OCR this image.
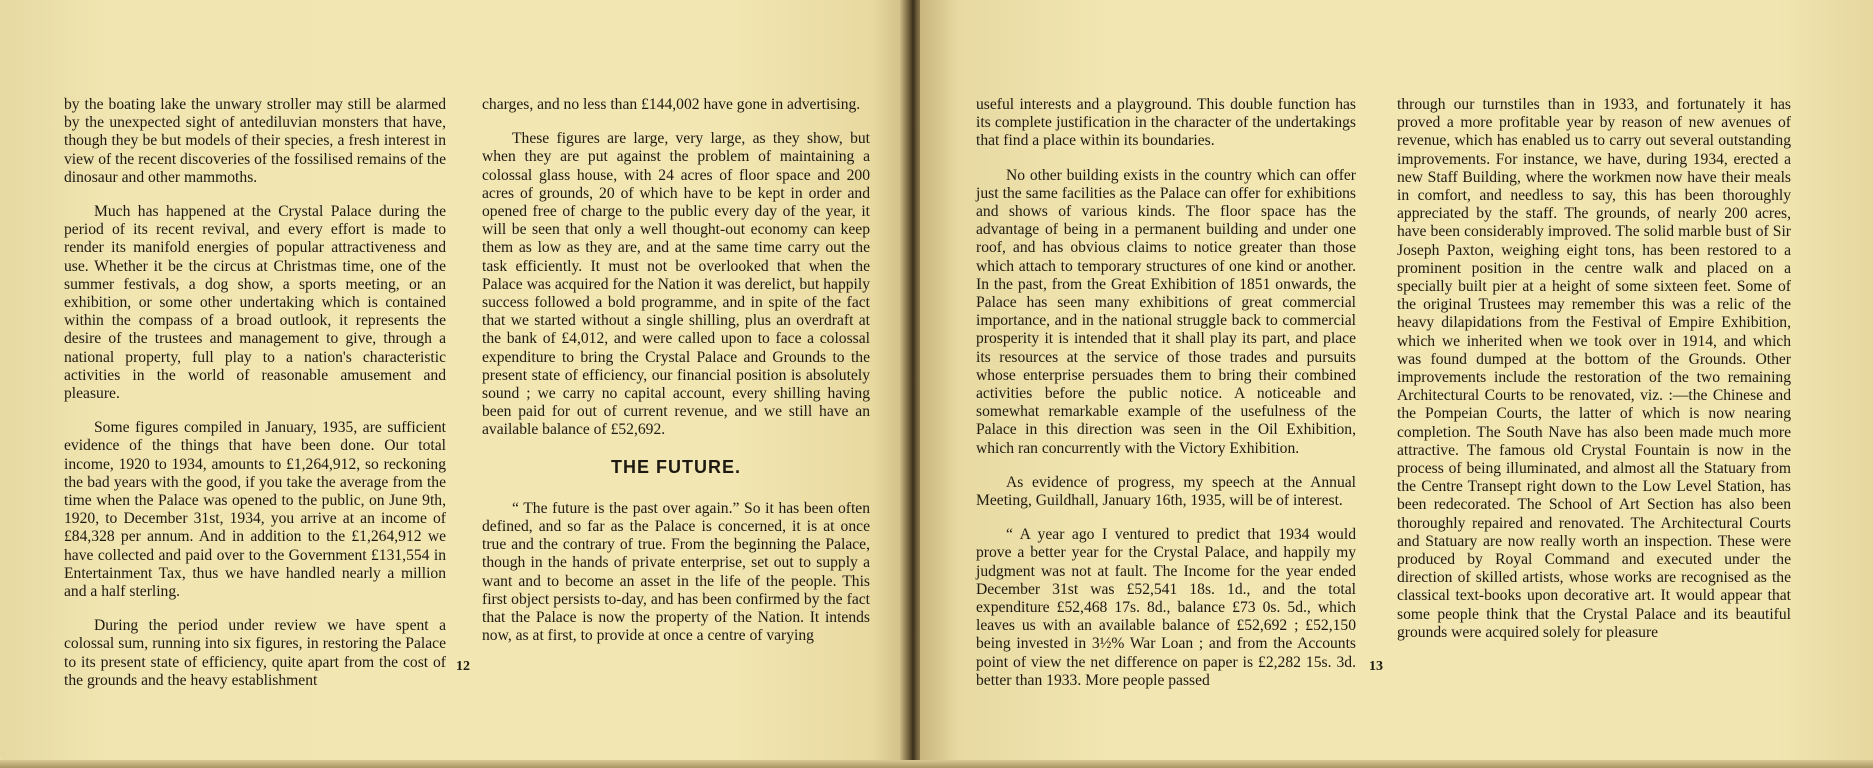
by the boating lake the unwary stroller may still be alarmed by the unexpected sight of antediluvian monsters that have, though they be but models of their species, a fresh interest in view of the recent discoveries of the fossilised remains of the dinosaur and other mammoths.

Much has happened at the Crystal Palace during the period of its recent revival, and every effort is made to render its manifold energies of popular attractiveness and use. Whether it be the circus at Christmas time, one of the summer festivals, a dog show, a sports meeting, or an exhibition, or some other undertaking which is contained within the compass of a broad outlook, it represents the desire of the trustees and management to give, through a national property, full play to a nation's characteristic activities in the world of reasonable amusement and pleasure.

Some figures compiled in January, 1935, are sufficient evidence of the things that have been done. Our total income, 1920 to 1934, amounts to £1,264,912, so reckoning the bad years with the good, if you take the average from the time when the Palace was opened to the public, on June 9th, 1920, to December 31st, 1934, you arrive at an income of £84,328 per annum. And in addition to the £1,264,912 we have collected and paid over to the Government £131,554 in Entertainment Tax, thus we have handled nearly a million and a half sterling.

During the period under review we have spent a colossal sum, running into six figures, in restoring the Palace to its present state of efficiency, quite apart from the cost of the grounds and the heavy establishment

charges, and no less than £144,002 have gone in advertising.

These figures are large, very large, as they show, but when they are put against the problem of maintaining a colossal glass house, with 24 acres of floor space and 200 acres of grounds, 20 of which have to be kept in order and opened free of charge to the public every day of the year, it will be seen that only a well thought-out economy can keep them as low as they are, and at the same time carry out the task efficiently. It must not be overlooked that when the Palace was acquired for the Nation it was derelict, but happily success followed a bold programme, and in spite of the fact that we started without a single shilling, plus an overdraft at the bank of £4,012, and were called upon to face a colossal expenditure to bring the Crystal Palace and Grounds to the present state of efficiency, our financial position is absolutely sound ; we carry no capital account, every shilling having been paid for out of current revenue, and we still have an available balance of £52,692.

THE FUTURE.

“ The future is the past over again.” So it has been often defined, and so far as the Palace is concerned, it is at once true and the contrary of true. From the beginning the Palace, though in the hands of private enterprise, set out to supply a want and to become an asset in the life of the people. This first object persists to-day, and has been confirmed by the fact that the Palace is now the property of the Nation. It intends now, as at first, to provide at once a centre of varying

12

useful interests and a playground. This double function has its complete justification in the character of the undertakings that find a place within its boundaries.

No other building exists in the country which can offer just the same facilities as the Palace can offer for exhibitions and shows of various kinds. The floor space has the advantage of being in a permanent building and under one roof, and has obvious claims to notice greater than those which attach to temporary structures of one kind or another. In the past, from the Great Exhibition of 1851 onwards, the Palace has seen many exhibitions of great commercial importance, and in the national struggle back to commercial prosperity it is intended that it shall play its part, and place its resources at the service of those trades and pursuits whose enterprise persuades them to bring their combined activities before the public notice. A noticeable and somewhat remarkable example of the usefulness of the Palace in this direction was seen in the Oil Exhibition, which ran concurrently with the Victory Exhibition.

As evidence of progress, my speech at the Annual Meeting, Guildhall, January 16th, 1935, will be of interest.

“ A year ago I ventured to predict that 1934 would prove a better year for the Crystal Palace, and happily my judgment was not at fault. The Income for the year ended December 31st was £52,541 18s. 1d., and the total expenditure £52,468 17s. 8d., balance £73 0s. 5d., which leaves us with an available balance of £52,692 ; £52,150 being invested in 3½% War Loan ; and from the Accounts point of view the net difference on paper is £2,282 15s. 3d. better than 1933. More people passed

through our turnstiles than in 1933, and fortunately it has proved a more profitable year by reason of new avenues of revenue, which has enabled us to carry out several outstanding improvements. For instance, we have, during 1934, erected a new Staff Building, where the workmen now have their meals in comfort, and needless to say, this has been thoroughly appreciated by the staff. The grounds, of nearly 200 acres, have been considerably improved. The solid marble bust of Sir Joseph Paxton, weighing eight tons, has been restored to a prominent position in the centre walk and placed on a specially built pier at a height of some sixteen feet. Some of the original Trustees may remember this was a relic of the heavy dilapidations from the Festival of Empire Exhibition, which we inherited when we took over in 1914, and which was found dumped at the bottom of the Grounds. Other improvements include the restoration of the two remaining Architectural Courts to be renovated, viz. :—the Chinese and the Pompeian Courts, the latter of which is now nearing completion. The South Nave has also been made much more attractive. The famous old Crystal Fountain is now in the process of being illuminated, and almost all the Statuary from the Centre Transept right down to the Low Level Station, has been redecorated. The School of Art Section has also been thoroughly repaired and renovated. The Architectural Courts and Statuary are now really worth an inspection. These were produced by Royal Command and executed under the direction of skilled artists, whose works are recognised as the classical text-books upon decorative art. It would appear that some people think that the Crystal Palace and its beautiful grounds were acquired solely for pleasure

13
